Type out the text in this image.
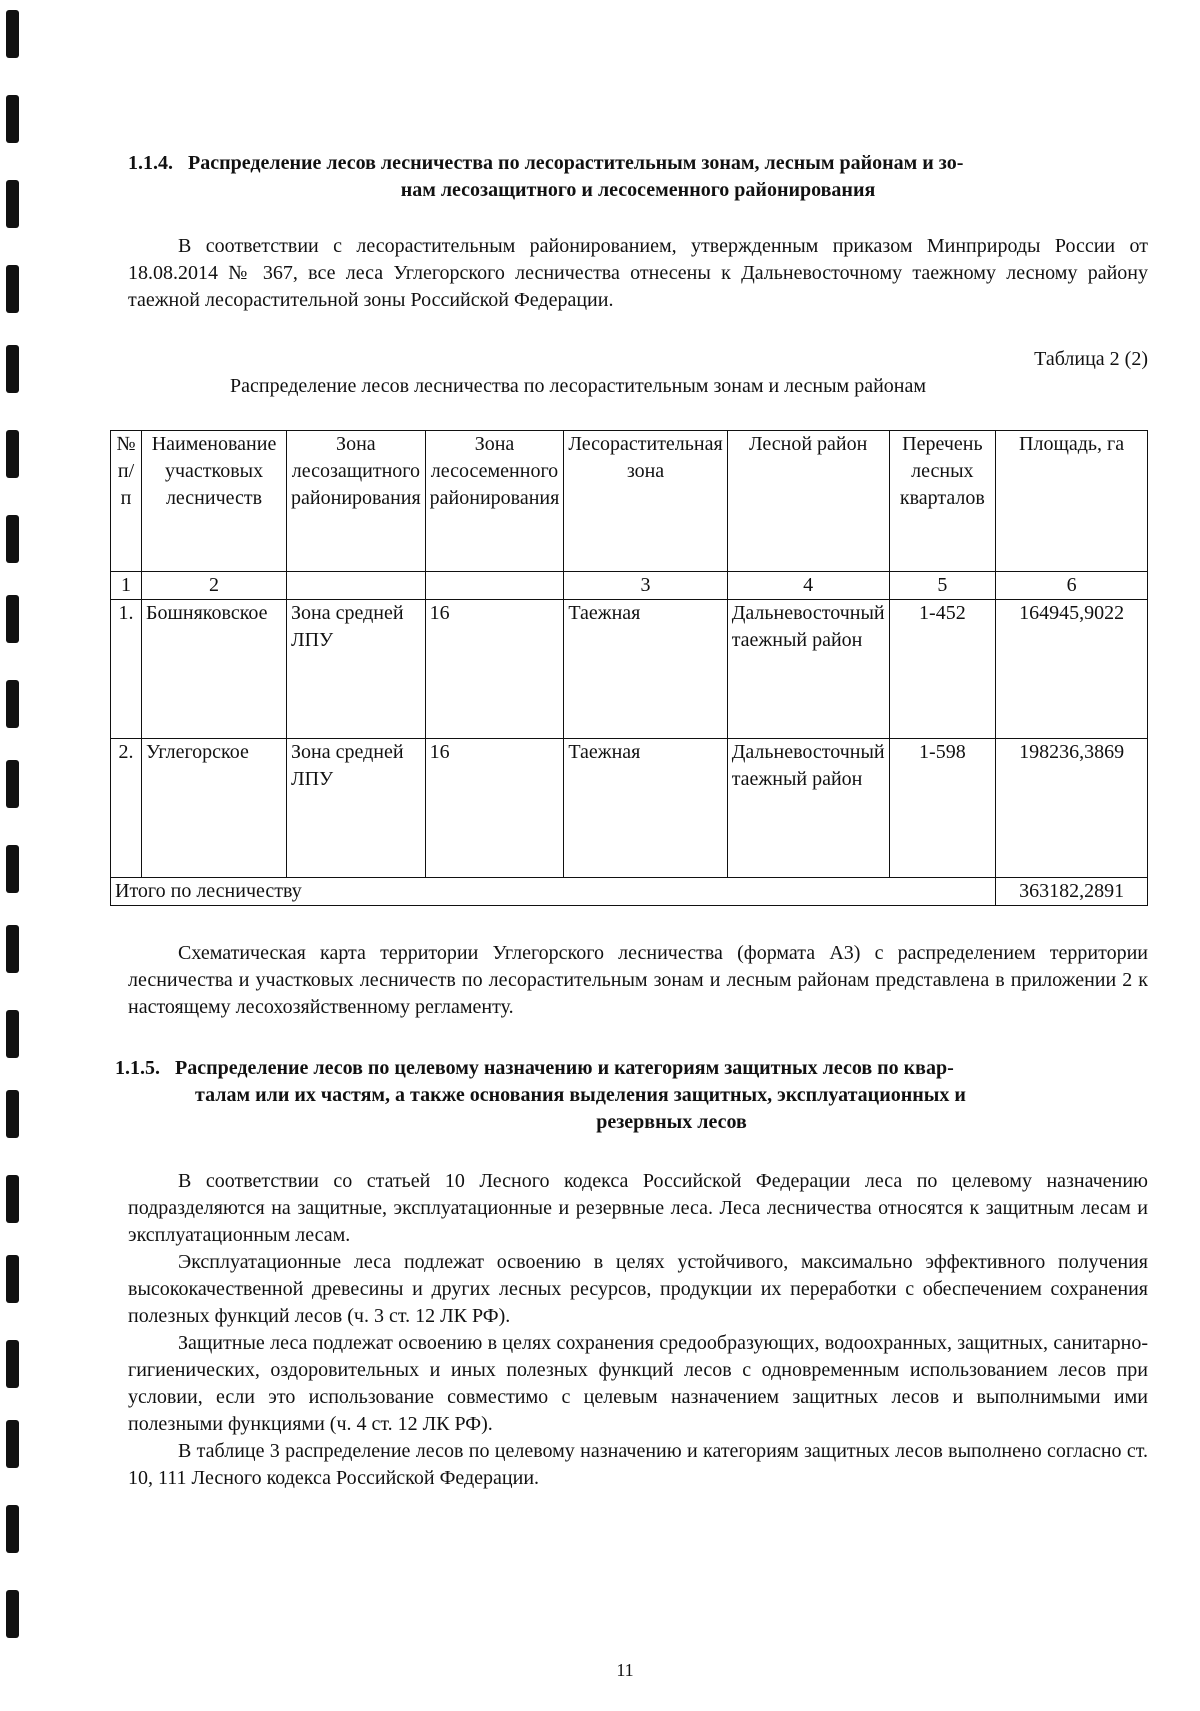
1.1.4. Распределение лесов лесничества по лесорастительным зонам, лесным районам и зо-
нам лесозащитного и лесосеменного районирования
В соответствии с лесорастительным районированием, утвержденным приказом Минприроды России от 18.08.2014 № 367, все леса Углегорского лесничества отнесены к Дальневосточному таежному лесному району таежной лесорастительной зоны Российской Федерации.
Таблица 2 (2)
Распределение лесов лесничества по лесорастительным зонам и лесным районам
№ п/п	Наименование участковых лесничеств	Зона лесозащитного районирования	Зона лесосеменного районирования	Лесорастительная зона	Лесной район	Перечень лесных кварталов	Площадь, га
1	2			3	4	5	6
1.	Бошняковское	Зона средней ЛПУ	16	Таежная	Дальневосточный таежный район	1-452	164945,9022
2.	Углегорское	Зона средней ЛПУ	16	Таежная	Дальневосточный таежный район	1-598	198236,3869
Итого по лесничеству							363182,2891
Схематическая карта территории Углегорского лесничества (формата А3) с распределением территории лесничества и участковых лесничеств по лесорастительным зонам и лесным районам представлена в приложении 2 к настоящему лесохозяйственному регламенту.
1.1.5. Распределение лесов по целевому назначению и категориям защитных лесов по квар-
талам или их частям, а также основания выделения защитных, эксплуатационных и
резервных лесов
В соответствии со статьей 10 Лесного кодекса Российской Федерации леса по целевому назначению подразделяются на защитные, эксплуатационные и резервные леса. Леса лесничества относятся к защитным лесам и эксплуатационным лесам.
Эксплуатационные леса подлежат освоению в целях устойчивого, максимально эффективного получения высококачественной древесины и других лесных ресурсов, продукции их переработки с обеспечением сохранения полезных функций лесов (ч. 3 ст. 12 ЛК РФ).
Защитные леса подлежат освоению в целях сохранения средообразующих, водоохранных, защитных, санитарно-гигиенических, оздоровительных и иных полезных функций лесов с одновременным использованием лесов при условии, если это использование совместимо с целевым назначением защитных лесов и выполнимыми ими полезными функциями (ч. 4 ст. 12 ЛК РФ).
В таблице 3 распределение лесов по целевому назначению и категориям защитных лесов выполнено согласно ст. 10, 111 Лесного кодекса Российской Федерации.
11
